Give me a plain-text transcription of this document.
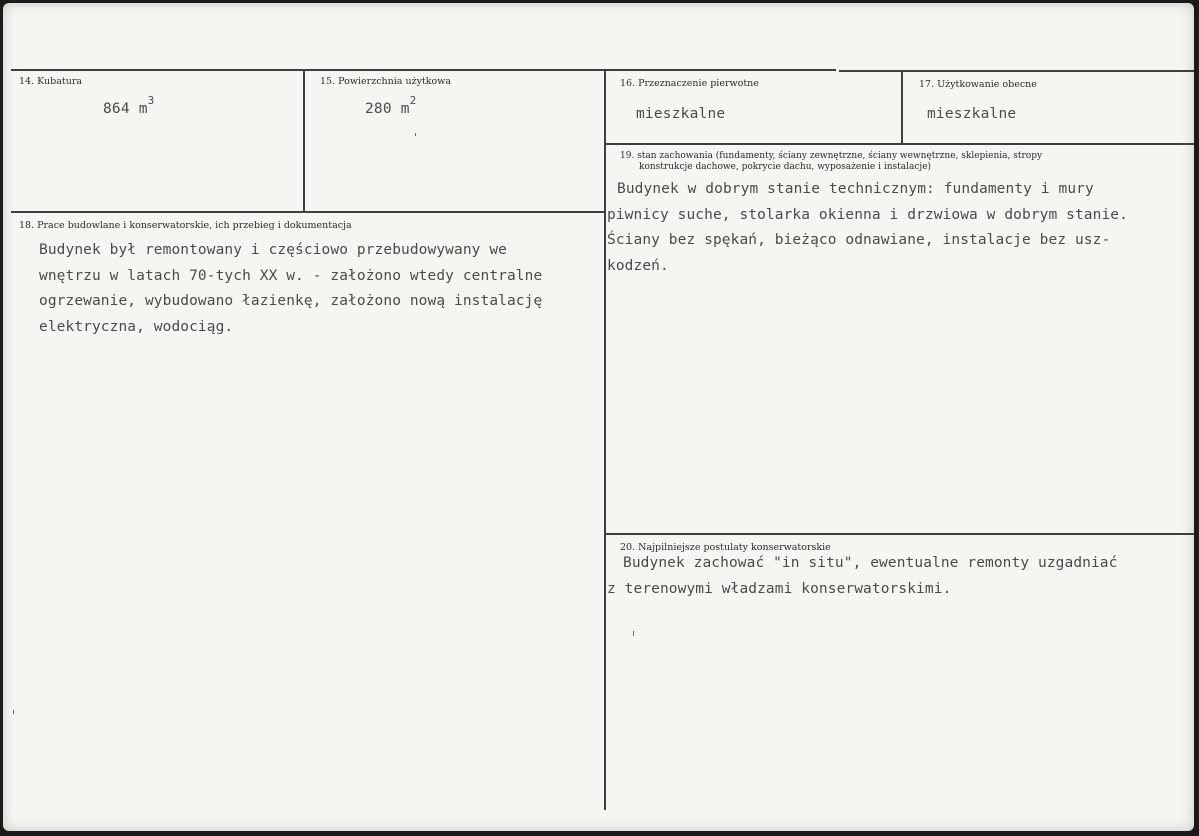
14. Kubatura
864 $m^3$
15. Powierzchnia użytkowa
280 $m^2$
16. Przeznaczenie pierwotne
mieszkalne
17. Użytkowanie obecne
mieszkalne
18. Prace budowlane i konserwatorskie, ich przebieg i dokumentacja
Budynek był remontowany i częściowo przebudowywany we
wnętrzu w latach 70-tych XX w. - założono wtedy centralne
ogrzewanie, wybudowano łazienkę, założono nową instalację
elektryczna, wodociąg.
19. stan zachowania (fundamenty, ściany zewnętrzne, ściany wewnętrzne, sklepienia, stropy
konstrukcje dachowe, pokrycie dachu, wyposażenie i instalacje)
Budynek w dobrym stanie technicznym: fundamenty i mury
piwnicy suche, stolarka okienna i drzwiowa w dobrym stanie.
Ściany bez spękań, bieżąco odnawiane, instalacje bez usz-
kodzeń.
20. Najpilniejsze postulaty konserwatorskie
Budynek zachować "in situ", ewentualne remonty uzgadniać
z terenowymi władzami konserwatorskimi.
